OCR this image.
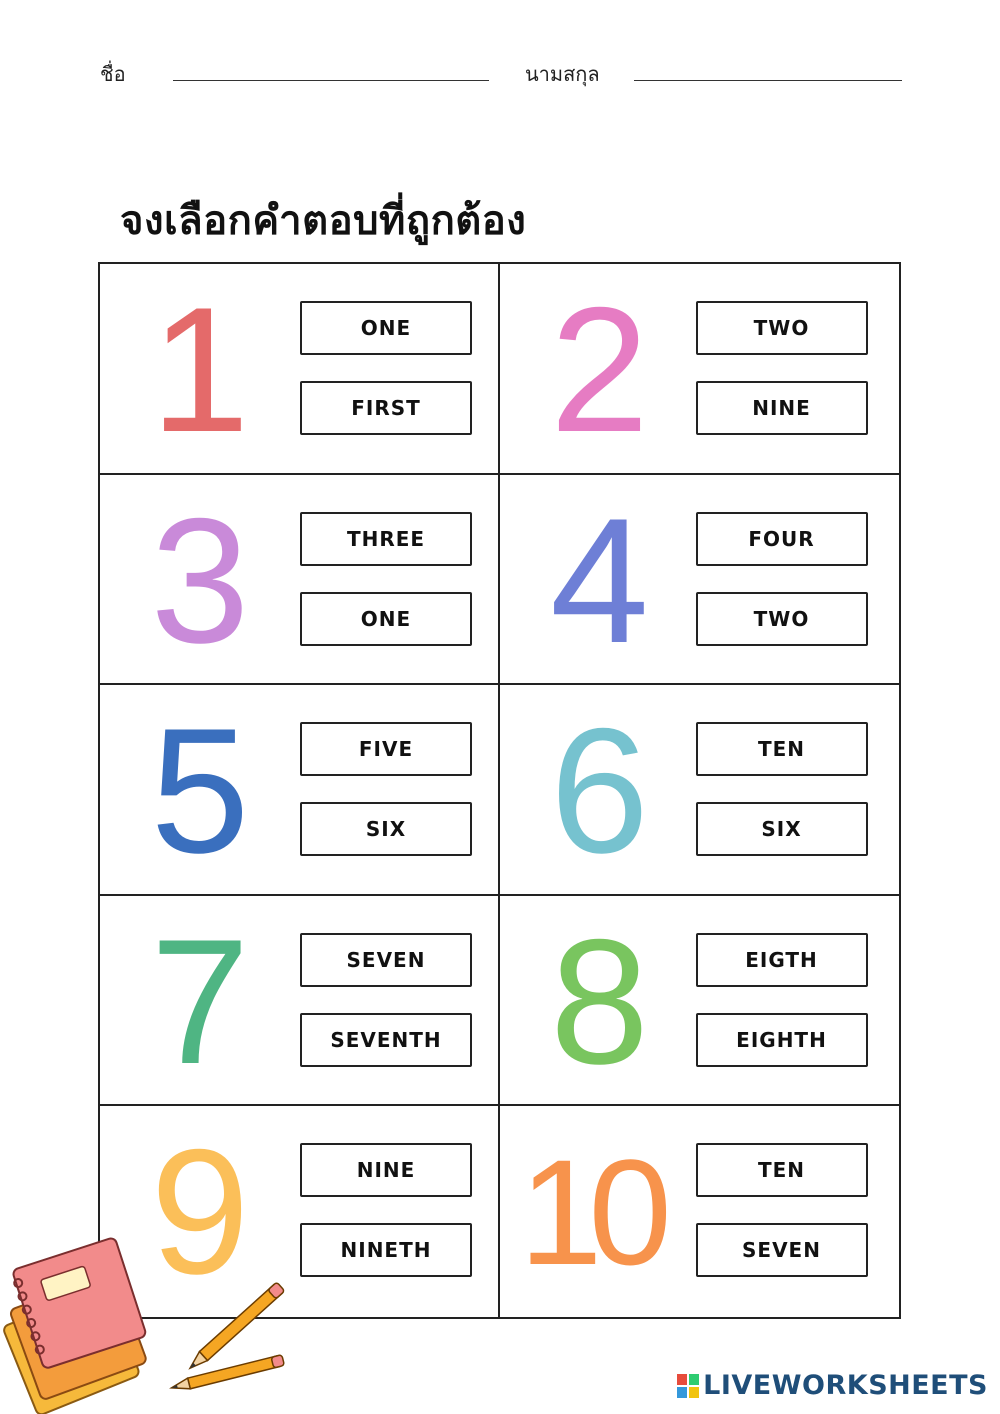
ชื่อ	นามสกุล
จงเลือกคำตอบที่ถูกต้อง
1	ONE
FIRST 2	TWO
NINE
3	THREE
ONE 4	FOUR
TWO
5	FIVE
SIX 6	TEN
SIX
7	SEVEN
SEVENTH 8	EIGTH
EIGHTH
9	NINE
NINETH 10	TEN
SEVEN
LIVEWORKSHEETS
